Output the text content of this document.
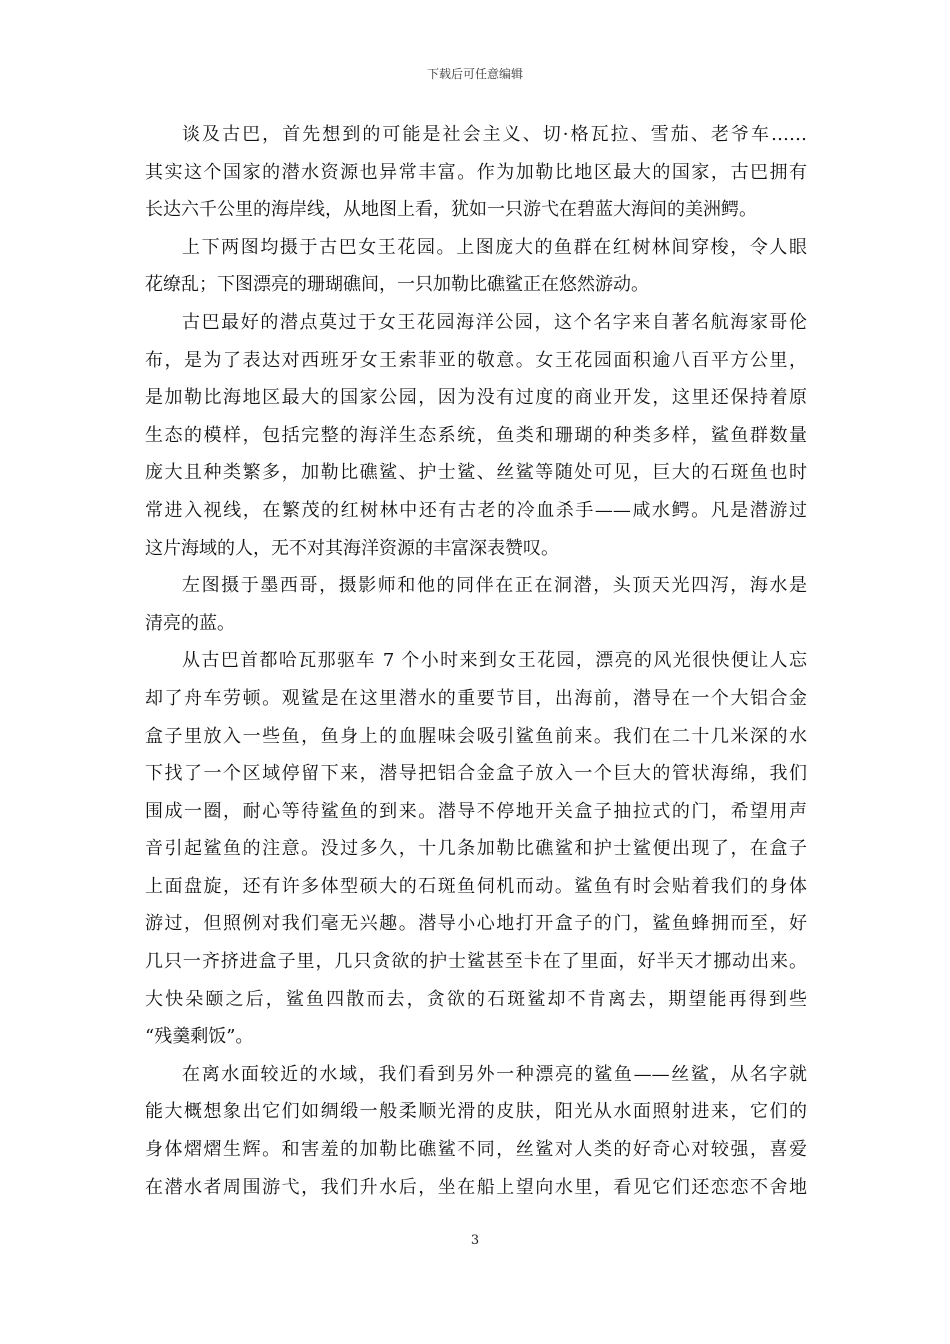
下载后可任意编辑
谈及古巴，首先想到的可能是社会主义、切·格瓦拉、雪茄、老爷车……
其实这个国家的潜水资源也异常丰富。作为加勒比地区最大的国家，古巴拥有
长达六千公里的海岸线，从地图上看，犹如一只游弋在碧蓝大海间的美洲鳄。
上下两图均摄于古巴女王花园。上图庞大的鱼群在红树林间穿梭，令人眼
花缭乱；下图漂亮的珊瑚礁间，一只加勒比礁鲨正在悠然游动。
古巴最好的潜点莫过于女王花园海洋公园，这个名字来自著名航海家哥伦
布，是为了表达对西班牙女王索菲亚的敬意。女王花园面积逾八百平方公里，
是加勒比海地区最大的国家公园，因为没有过度的商业开发，这里还保持着原
生态的模样，包括完整的海洋生态系统，鱼类和珊瑚的种类多样，鲨鱼群数量
庞大且种类繁多，加勒比礁鲨、护士鲨、丝鲨等随处可见，巨大的石斑鱼也时
常进入视线，在繁茂的红树林中还有古老的冷血杀手——咸水鳄。凡是潜游过
这片海域的人，无不对其海洋资源的丰富深表赞叹。
左图摄于墨西哥，摄影师和他的同伴在正在洞潜，头顶天光四泻，海水是
清亮的蓝。
从古巴首都哈瓦那驱车 7 个小时来到女王花园，漂亮的风光很快便让人忘
却了舟车劳顿。观鲨是在这里潜水的重要节目，出海前，潜导在一个大铝合金
盒子里放入一些鱼，鱼身上的血腥味会吸引鲨鱼前来。我们在二十几米深的水
下找了一个区域停留下来，潜导把铝合金盒子放入一个巨大的管状海绵，我们
围成一圈，耐心等待鲨鱼的到来。潜导不停地开关盒子抽拉式的门，希望用声
音引起鲨鱼的注意。没过多久，十几条加勒比礁鲨和护士鲨便出现了，在盒子
上面盘旋，还有许多体型硕大的石斑鱼伺机而动。鲨鱼有时会贴着我们的身体
游过，但照例对我们毫无兴趣。潜导小心地打开盒子的门，鲨鱼蜂拥而至，好
几只一齐挤进盒子里，几只贪欲的护士鲨甚至卡在了里面，好半天才挪动出来。
大快朵颐之后，鲨鱼四散而去，贪欲的石斑鲨却不肯离去，期望能再得到些
“残羹剩饭”。
在离水面较近的水域，我们看到另外一种漂亮的鲨鱼——丝鲨，从名字就
能大概想象出它们如绸缎一般柔顺光滑的皮肤，阳光从水面照射进来，它们的
身体熠熠生辉。和害羞的加勒比礁鲨不同，丝鲨对人类的好奇心对较强，喜爱
在潜水者周围游弋，我们升水后，坐在船上望向水里，看见它们还恋恋不舍地
3
